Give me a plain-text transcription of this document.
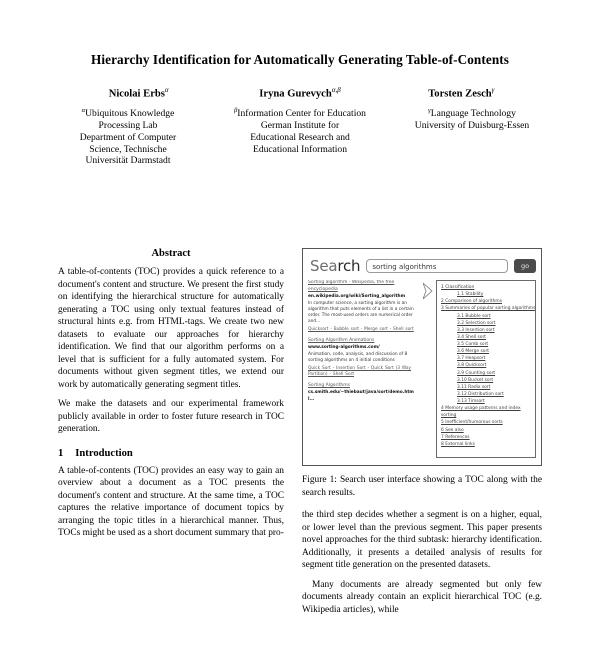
Hierarchy Identification for Automatically Generating Table-of-Contents
Nicolai Erbs$^\alpha$	Iryna Gurevych$^{\alpha,\beta}$	Torsten Zesch$^\gamma$
$^\alpha$Ubiquitous Knowledge
Processing Lab
Department of Computer
Science, Technische
Universität Darmstadt
$^\beta$Information Center for Education
German Institute for
Educational Research and
Educational Information
$^\gamma$Language Technology
University of Duisburg-Essen
Abstract

A table-of-contents (TOC) provides a quick reference to a document's content and structure. We present the first study on identifying the hierarchical structure for automatically generating a TOC using only textual features instead of structural hints e.g. from HTML-tags. We create two new datasets to evaluate our approaches for hierarchy identification. We find that our algorithm performs on a level that is sufficient for a fully automated system. For documents without given segment titles, we extend our work by automatically generating segment titles.

We make the datasets and our experimental framework publicly available in order to foster future research in TOC generation.

1 Introduction

A table-of-contents (TOC) provides an easy way to gain an overview about a document as a TOC presents the document's content and structure. At the same time, a TOC captures the relative importance of document topics by arranging the topic titles in a hierarchical manner. Thus, TOCs might be used as a short document summary that pro-

Search	sorting algorithms	go
Sorting algorithm - Wikipedia, the free encyclopedia
en.wikipedia.org/wiki/Sorting_algorithm
In computer science, a sorting algorithm is an algorithm that puts elements of a list in a certain order. The most-used orders are numerical order and...
Quicksort - Bubble sort - Merge sort - Shell sort
Sorting Algorithm Animations
www.sorting-algorithms.com/
Animation, code, analysis, and discussion of 8 sorting algorithms on 4 initial conditions
Quick Sort - Insertion Sort - Quick Sort (3 Way Partition) - Shell Sort
Sorting Algorithms
cs.smith.edu/~thiebaut/java/sort/demo.html...
1 Classification
1.1 Stability
2 Comparison of algorithms
3 Summaries of popular sorting algorithms
3.1 Bubble sort
3.2 Selection sort
3.3 Insertion sort
3.4 Shell sort
3.5 Comb sort
3.6 Merge sort
3.7 Heapsort
3.8 Quicksort
3.9 Counting sort
3.10 Bucket sort
3.11 Radix sort
3.12 Distribution sort
3.13 Timsort
4 Memory usage patterns and index sorting
5 Inefficient/humorous sorts
6 See also
7 References
8 External links
Figure 1: Search user interface showing a TOC along with the search results.

the third step decides whether a segment is on a higher, equal, or lower level than the previous segment. This paper presents novel approaches for the third subtask: hierarchy identification. Additionally, it presents a detailed analysis of results for segment title generation on the presented datasets.

Many documents are already segmented but only few documents already contain an explicit hierarchical TOC (e.g. Wikipedia articles), while
